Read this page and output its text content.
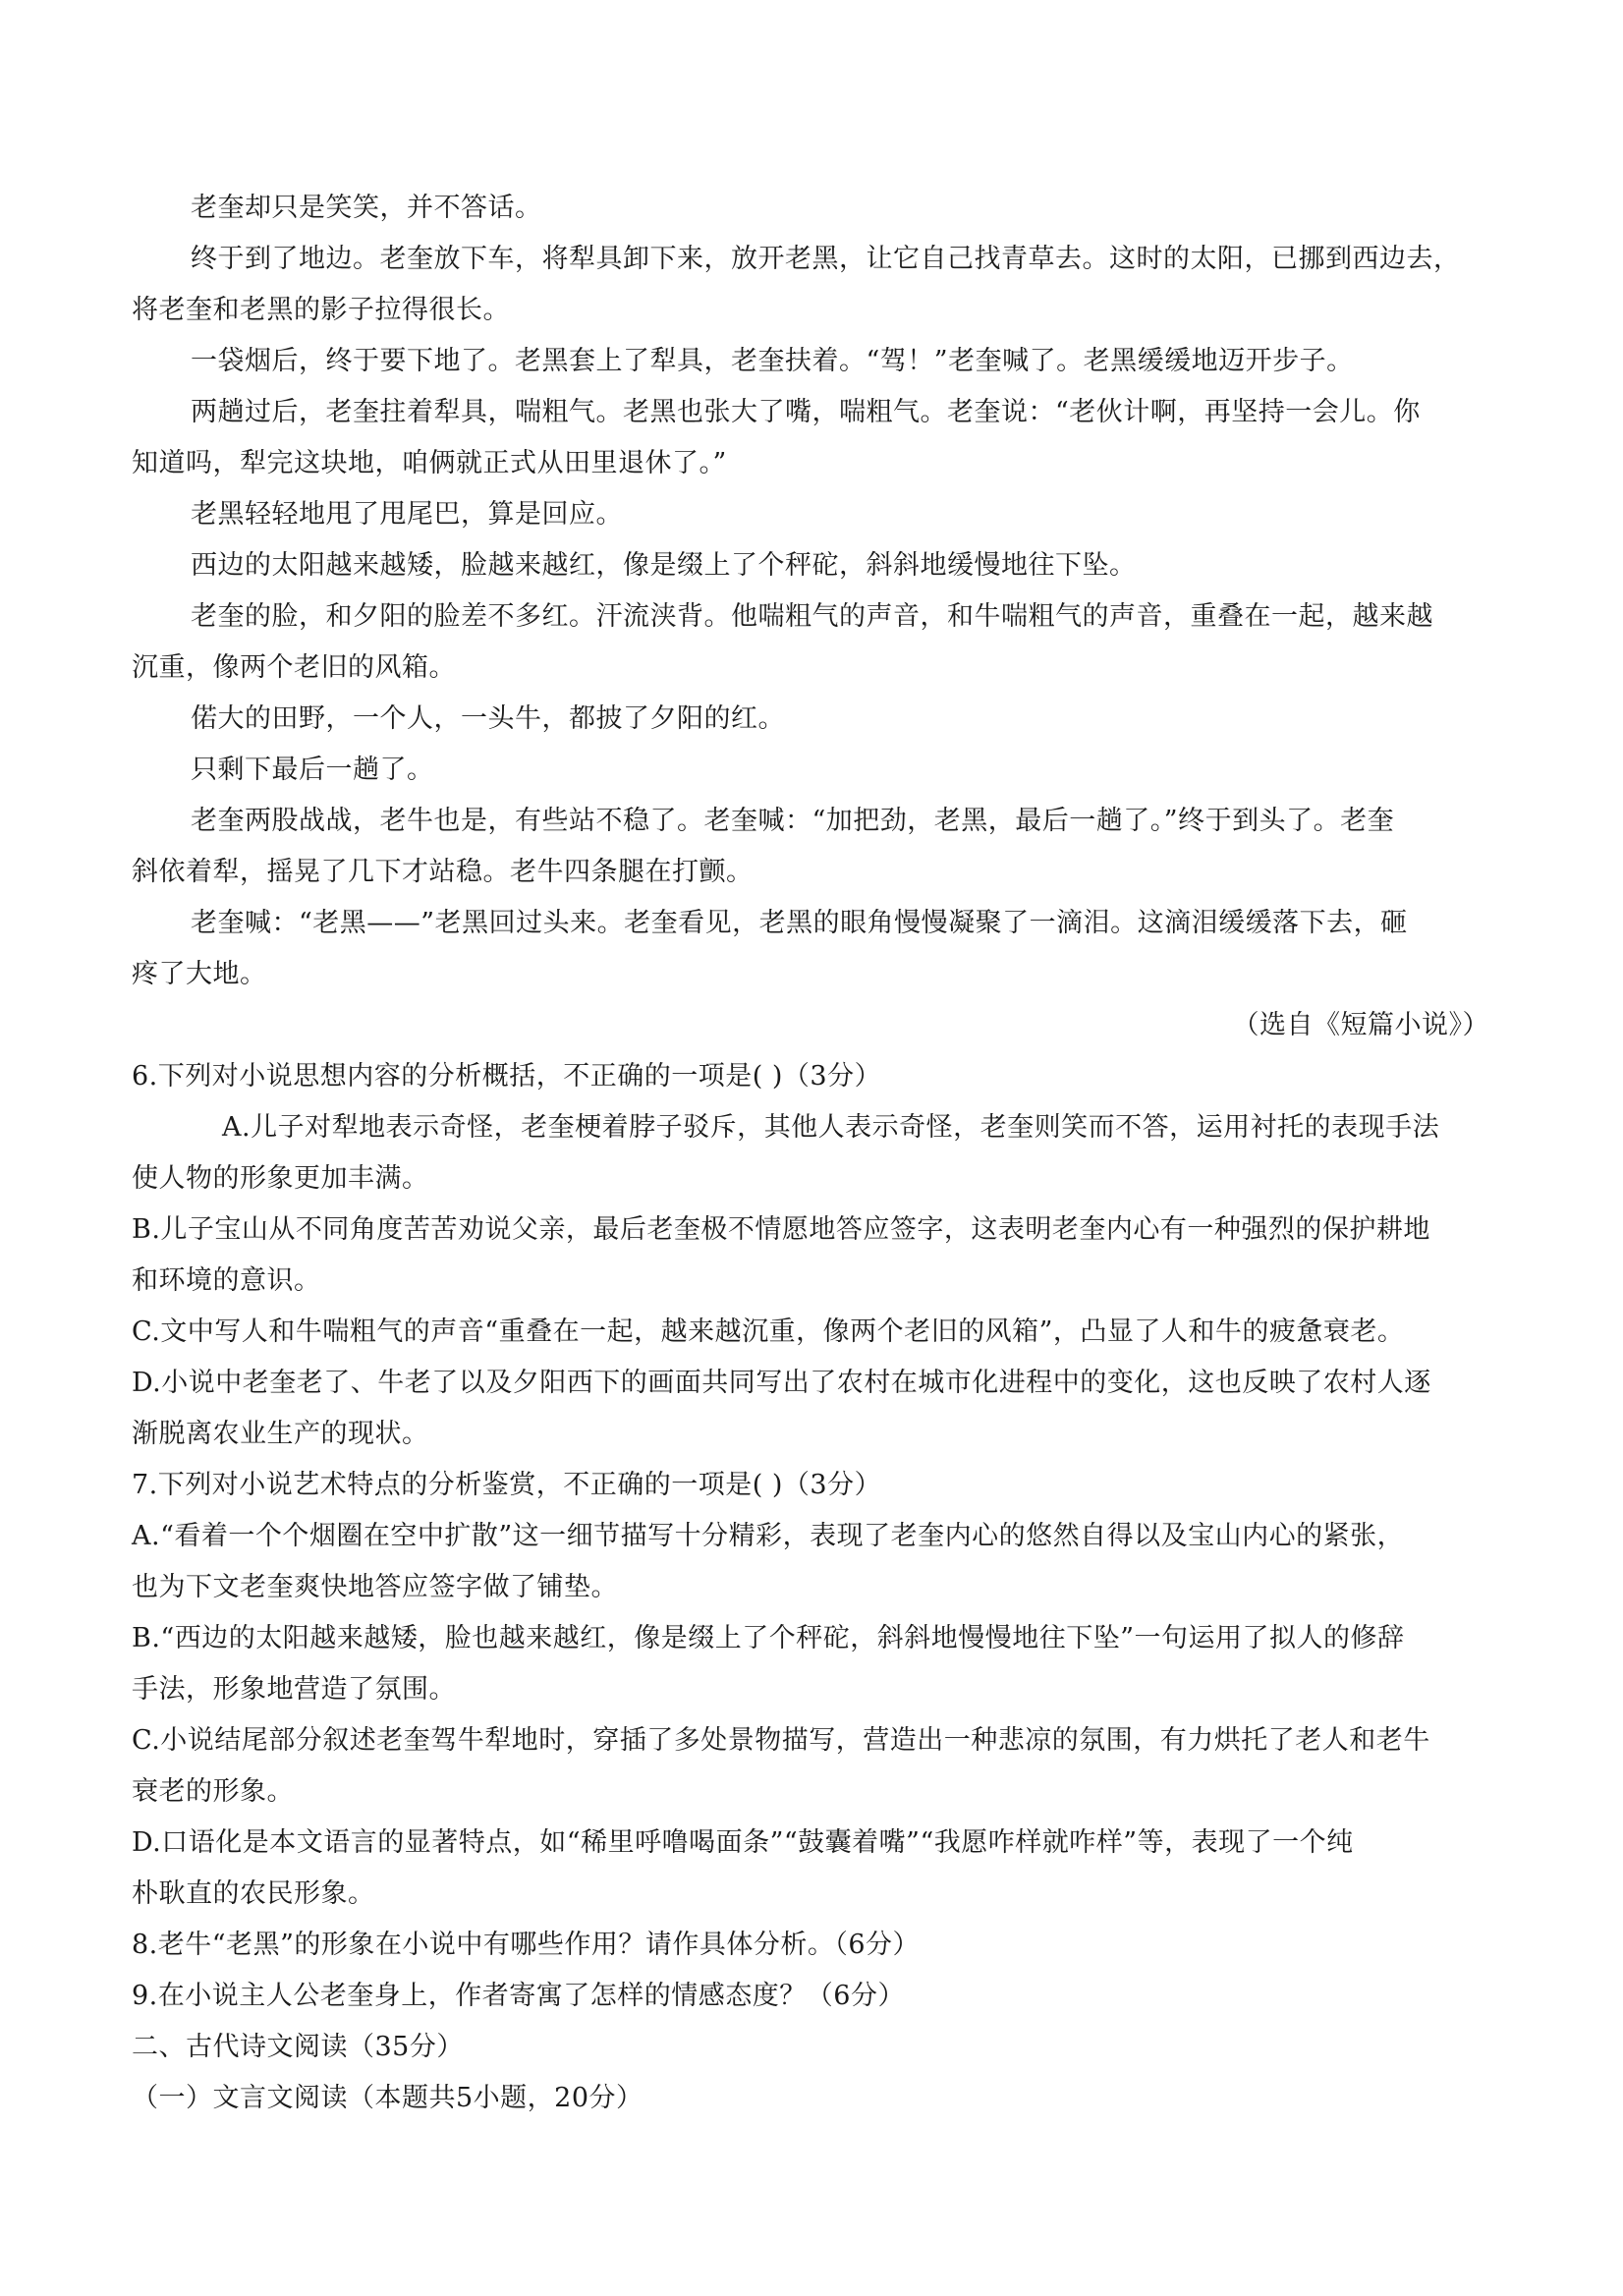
老奎却只是笑笑，并不答话。
终于到了地边。老奎放下车，将犁具卸下来，放开老黑，让它自己找青草去。这时的太阳，已挪到西边去，
将老奎和老黑的影子拉得很长。
一袋烟后，终于要下地了。老黑套上了犁具，老奎扶着。“驾！”老奎喊了。老黑缓缓地迈开步子。
两趟过后，老奎拄着犁具，喘粗气。老黑也张大了嘴，喘粗气。老奎说：“老伙计啊，再坚持一会儿。你
知道吗，犁完这块地，咱俩就正式从田里退休了。”
老黑轻轻地甩了甩尾巴，算是回应。
西边的太阳越来越矮，脸越来越红，像是缀上了个秤砣，斜斜地缓慢地往下坠。
老奎的脸，和夕阳的脸差不多红。汗流浃背。他喘粗气的声音，和牛喘粗气的声音，重叠在一起，越来越
沉重，像两个老旧的风箱。
偌大的田野，一个人，一头牛，都披了夕阳的红。
只剩下最后一趟了。
老奎两股战战，老牛也是，有些站不稳了。老奎喊：“加把劲，老黑，最后一趟了。”终于到头了。老奎
斜依着犁，摇晃了几下才站稳。老牛四条腿在打颤。
老奎喊：“老黑——”老黑回过头来。老奎看见，老黑的眼角慢慢凝聚了一滴泪。这滴泪缓缓落下去，砸
疼了大地。
（选自《短篇小说》）
6.下列对小说思想内容的分析概括，不正确的一项是( )（3分）
A.儿子对犁地表示奇怪，老奎梗着脖子驳斥，其他人表示奇怪，老奎则笑而不答，运用衬托的表现手法
使人物的形象更加丰满。
B.儿子宝山从不同角度苦苦劝说父亲，最后老奎极不情愿地答应签字，这表明老奎内心有一种强烈的保护耕地
和环境的意识。
C.文中写人和牛喘粗气的声音“重叠在一起，越来越沉重，像两个老旧的风箱”，凸显了人和牛的疲惫衰老。
D.小说中老奎老了、牛老了以及夕阳西下的画面共同写出了农村在城市化进程中的变化，这也反映了农村人逐
渐脱离农业生产的现状。
7.下列对小说艺术特点的分析鉴赏，不正确的一项是( )（3分）
A.“看着一个个烟圈在空中扩散”这一细节描写十分精彩，表现了老奎内心的悠然自得以及宝山内心的紧张，
也为下文老奎爽快地答应签字做了铺垫。
B.“西边的太阳越来越矮，脸也越来越红，像是缀上了个秤砣，斜斜地慢慢地往下坠”一句运用了拟人的修辞
手法，形象地营造了氛围。
C.小说结尾部分叙述老奎驾牛犁地时，穿插了多处景物描写，营造出一种悲凉的氛围，有力烘托了老人和老牛
衰老的形象。
D.口语化是本文语言的显著特点，如“稀里呼噜喝面条”“鼓囊着嘴”“我愿咋样就咋样”等，表现了一个纯
朴耿直的农民形象。
8.老牛“老黑”的形象在小说中有哪些作用？请作具体分析。（6分）
9.在小说主人公老奎身上，作者寄寓了怎样的情感态度？（6分）
二、古代诗文阅读（35分）
（一）文言文阅读（本题共5小题，20分）
